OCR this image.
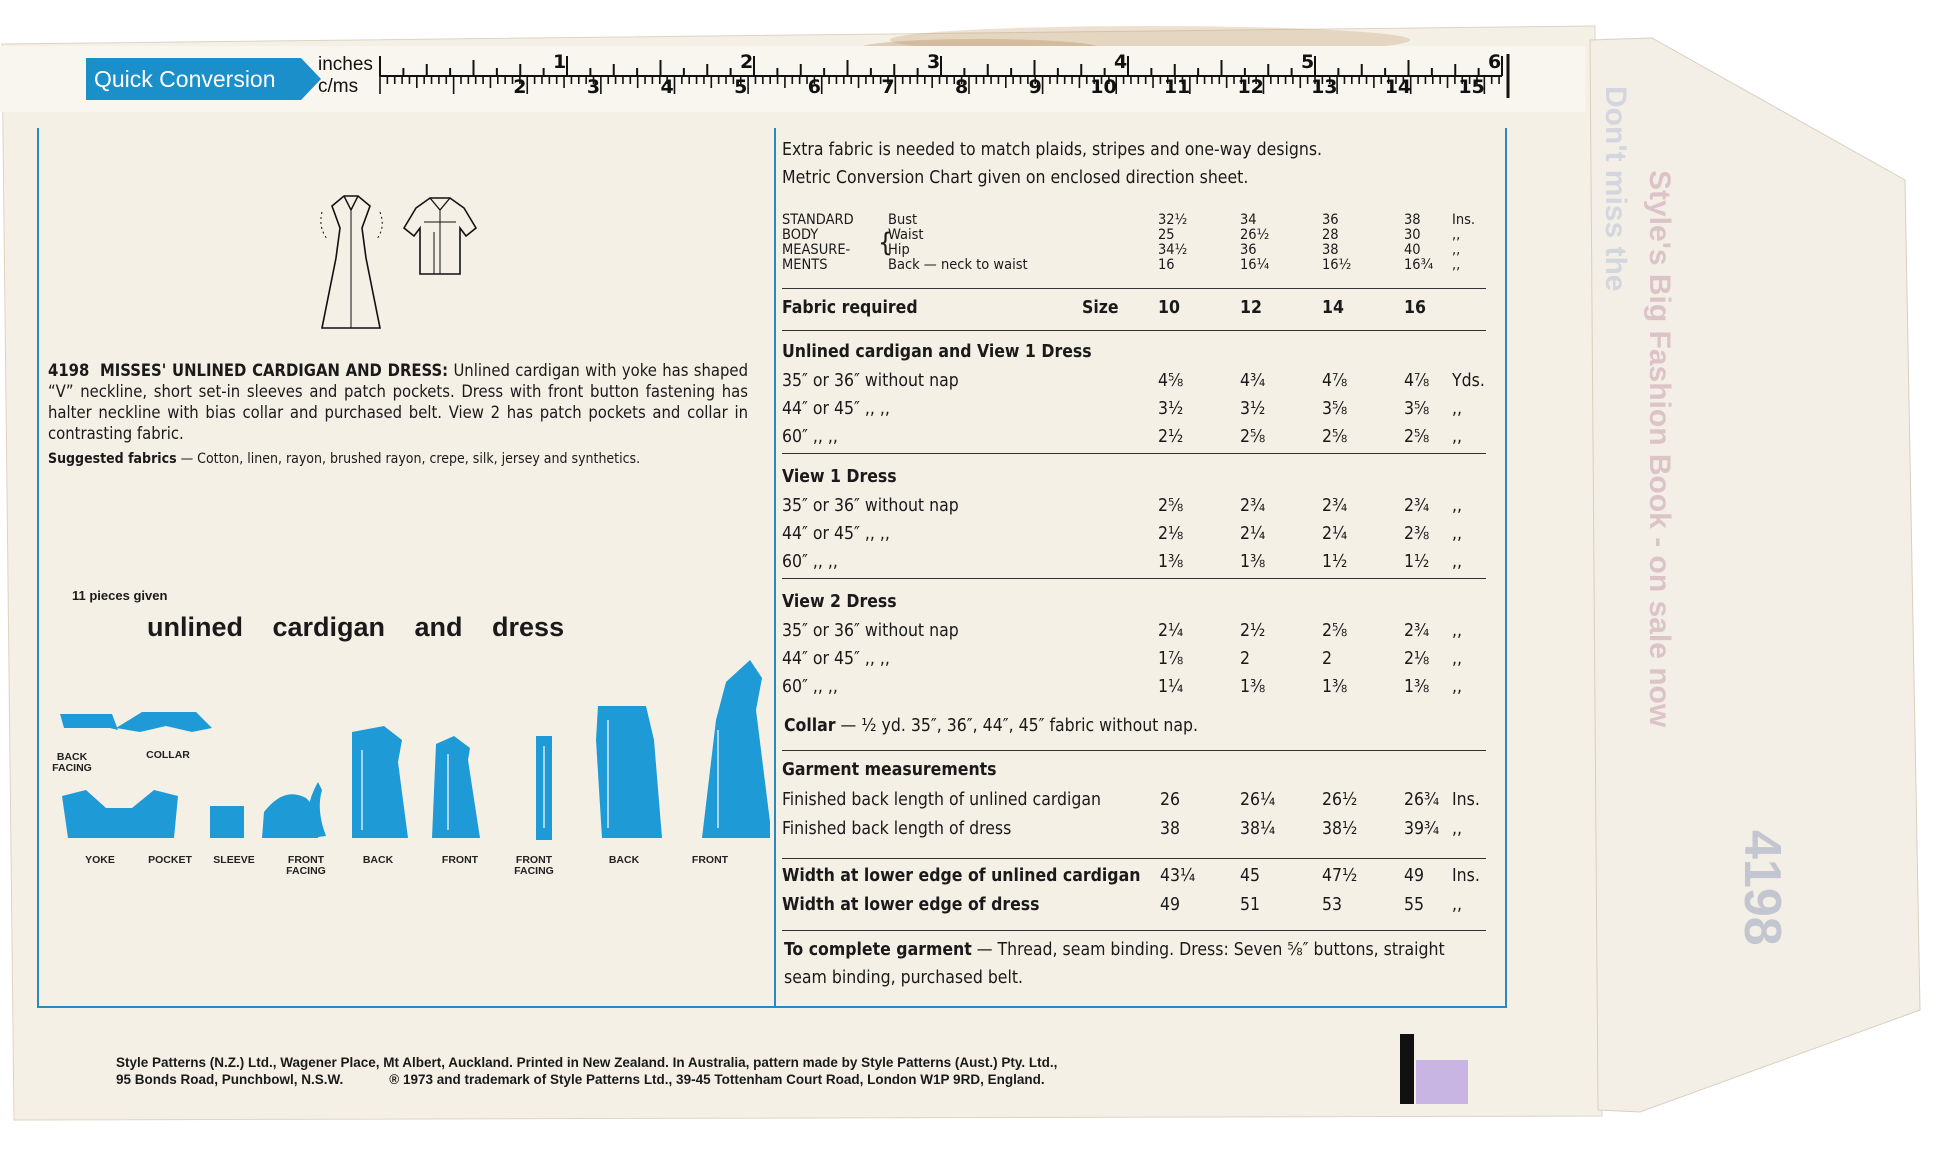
Quick Conversion
inches
c/ms
1	2	3	4	5	6
2	3	4	5	6	7	8	9	10 11 12 13 14 15
4198 MISSES' UNLINED CARDIGAN AND DRESS: Unlined cardigan with yoke has shaped “V” neckline, short set-in sleeves and patch pockets. Dress with front button fastening has halter neckline with bias collar and purchased belt. View 2 has patch pockets and collar in contrasting fabric.
Suggested fabrics — Cotton, linen, rayon, brushed rayon, crepe, silk, jersey and synthetics.
11 pieces given
unlined cardigan and dress
BACK
FACING
COLLAR
YOKE	POCKET	SLEEVE	FRONT
FACING
BACK	FRONT	FRONT
FACING
BACK	FRONT
Extra fabric is needed to match plaids, stripes and one-way designs.
Metric Conversion Chart given on enclosed direction sheet.
STANDARD
BODY
MEASURE-
MENTS
{
Bust	32½	34	36	38 Ins.
Waist	25	26½	28	30 ,,
Hip	34½	36	38	40 ,,
Back — neck to waist	16	16¼	16½	16¾ ,,
Fabric required	Size 10	12	14	16
Unlined cardigan and View 1 Dress
35″ or 36″ without nap	4⅝	4¾	4⅞	4⅞ Yds.
44″ or 45″ ,, ,,	3½	3½	3⅝	3⅝ ,,
60″ ,, ,,	2½	2⅝	2⅝	2⅝ ,,
View 1 Dress
35″ or 36″ without nap	2⅝	2¾	2¾	2¾ ,,
44″ or 45″ ,, ,,	2⅛	2¼	2¼	2⅜ ,,
60″ ,, ,,	1⅜	1⅜	1½	1½ ,,
View 2 Dress
35″ or 36″ without nap	2¼	2½	2⅝	2¾ ,,
44″ or 45″ ,, ,,	1⅞	2	2	2⅛ ,,
60″ ,, ,,	1¼	1⅜	1⅜	1⅜ ,,
Collar — ½ yd. 35″, 36″, 44″, 45″ fabric without nap.
Garment measurements
Finished back length of unlined cardigan	26	26¼	26½	26¾ Ins.
Finished back length of dress	38	38¼	38½	39¾ ,,
Width at lower edge of unlined cardigan 43¼	45	47½	49 Ins.
Width at lower edge of dress	49	51	53	55 ,,
To complete garment — Thread, seam binding. Dress: Seven ⅝″ buttons, straight
seam binding, purchased belt.
Style Patterns (N.Z.) Ltd., Wagener Place, Mt Albert, Auckland. Printed in New Zealand. In Australia, pattern made by Style Patterns (Aust.) Pty. Ltd.,
95 Bonds Road, Punchbowl, N.S.W.	® 1973 and trademark of Style Patterns Ltd., 39-45 Tottenham Court Road, London W1P 9RD, England.
4198
Don't miss the Style's Big Fashion Book - on sale now
